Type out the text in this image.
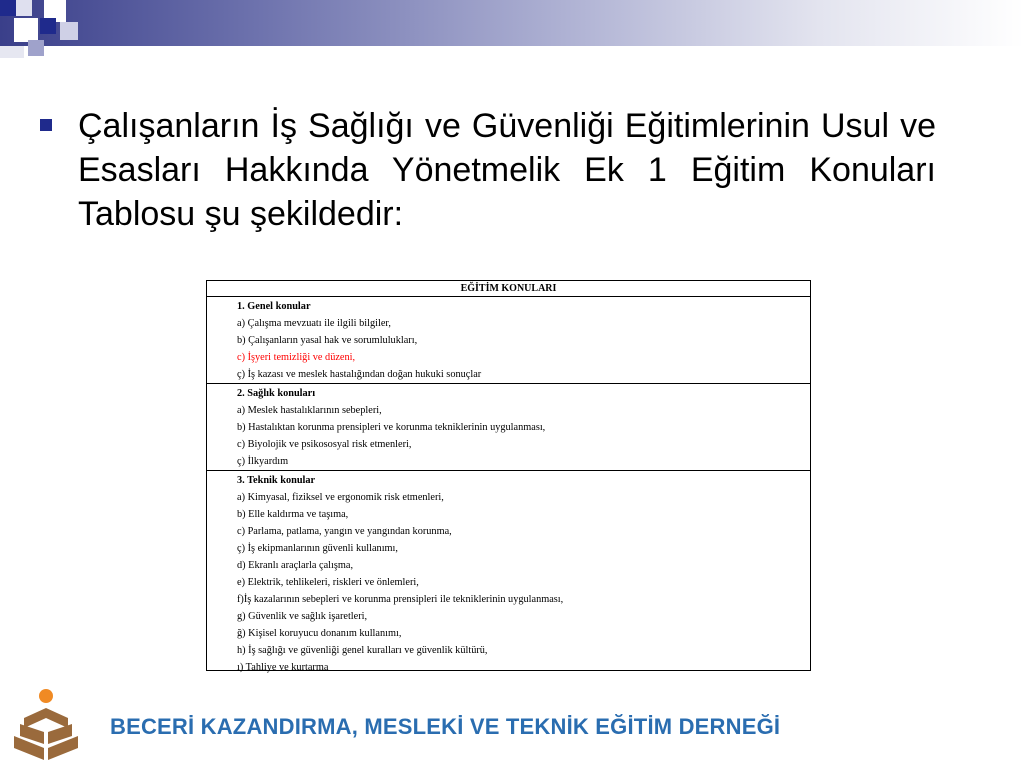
Çalışanların İş Sağlığı ve Güvenliği Eğitimlerinin Usul ve Esasları Hakkında Yönetmelik Ek 1 Eğitim Konuları Tablosu şu şekildedir:

EĞİTİM KONULARI
1. Genel konular
a) Çalışma mevzuatı ile ilgili bilgiler,
b) Çalışanların yasal hak ve sorumlulukları,
c) İşyeri temizliği ve düzeni,
ç) İş kazası ve meslek hastalığından doğan hukuki sonuçlar
2. Sağlık konuları
a) Meslek hastalıklarının sebepleri,
b) Hastalıktan korunma prensipleri ve korunma tekniklerinin uygulanması,
c) Biyolojik ve psikososyal risk etmenleri,
ç) İlkyardım
3. Teknik konular
a) Kimyasal, fiziksel ve ergonomik risk etmenleri,
b) Elle kaldırma ve taşıma,
c) Parlama, patlama, yangın ve yangından korunma,
ç) İş ekipmanlarının güvenli kullanımı,
d) Ekranlı araçlarla çalışma,
e) Elektrik, tehlikeleri, riskleri ve önlemleri,
f)İş kazalarının sebepleri ve korunma prensipleri ile tekniklerinin uygulanması,
g) Güvenlik ve sağlık işaretleri,
ğ) Kişisel koruyucu donanım kullanımı,
h) İş sağlığı ve güvenliği genel kuralları ve güvenlik kültürü,
ı) Tahliye ve kurtarma
BECERİ KAZANDIRMA, MESLEKİ VE TEKNİK EĞİTİM DERNEĞİ
